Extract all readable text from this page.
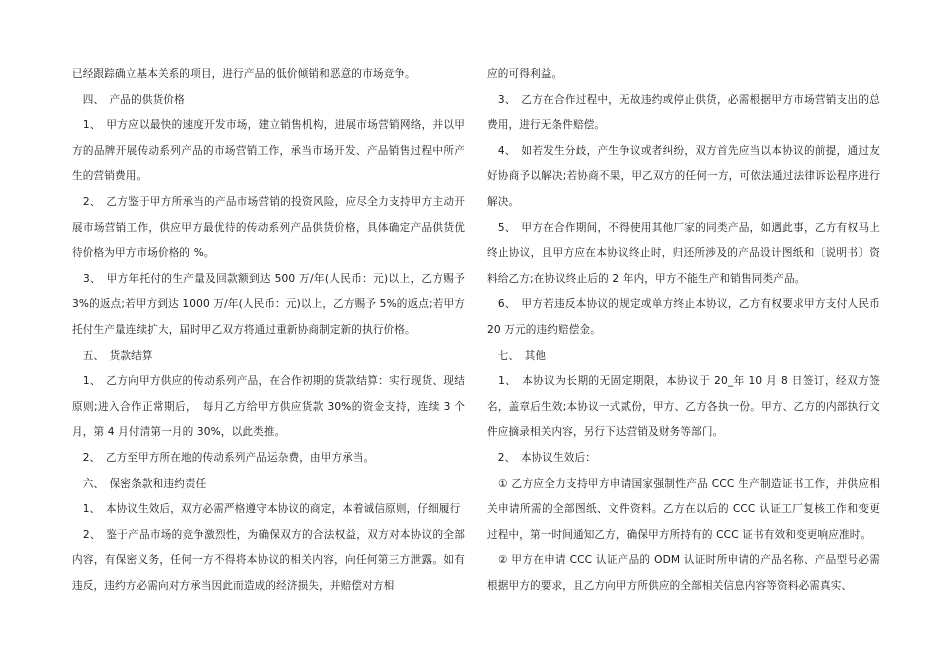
已经跟踪确立基本关系的项目，进行产品的低价倾销和恶意的市场竞争。

　四、　产品的供货价格

　1、　甲方应以最快的速度开发市场，建立销售机构，进展市场营销网络，并以甲方的品牌开展传动系列产品的市场营销工作，承当市场开发、产品销售过程中所产生的营销费用。

　2、　乙方鉴于甲方所承当的产品市场营销的投资风险，应尽全力支持甲方主动开展市场营销工作，供应甲方最优待的传动系列产品供货价格，具体确定产品供货优待价格为甲方市场价格的 %。

　3、　甲方年托付的生产量及回款额到达 500 万/年(人民币：元)以上，乙方赐予 3%的返点;若甲方到达 1000 万/年(人民币：元)以上，乙方赐予 5%的返点;若甲方托付生产量连续扩大，届时甲乙双方将通过重新协商制定新的执行价格。

　五、　货款结算

　1、　乙方向甲方供应的传动系列产品，在合作初期的货款结算：实行现货、现结原则;进入合作正常期后，　每月乙方给甲方供应货款 30%的资金支持，连续 3 个月，第 4 月付清第一月的 30%，以此类推。

　2、　乙方至甲方所在地的传动系列产品运杂费，由甲方承当。

　六、　保密条款和违约责任

　1、　本协议生效后，双方必需严格遵守本协议的商定，本着诚信原则，仔细履行

　2、　鉴于产品市场的竞争激烈性，为确保双方的合法权益，双方对本协议的全部内容，有保密义务，任何一方不得将本协议的相关内容，向任何第三方泄露。如有违反，违约方必需向对方承当因此而造成的经济损失，并赔偿对方相

应的可得利益。

　3、　乙方在合作过程中，无故违约或停止供货，必需根据甲方市场营销支出的总费用，进行无条件赔偿。

　4、　如若发生分歧，产生争议或者纠纷，双方首先应当以本协议的前提，通过友好协商予以解决;若协商不果，甲乙双方的任何一方，可依法通过法律诉讼程序进行解决。

　5、　甲方在合作期间，不得使用其他厂家的同类产品，如遇此事，乙方有权马上终止协议，且甲方应在本协议终止时，归还所涉及的产品设计图纸和〔说明书〕资料给乙方;在协议终止后的 2 年内，甲方不能生产和销售同类产品。

　6、　甲方若违反本协议的规定或单方终止本协议，乙方有权要求甲方支付人民币 20 万元的违约赔偿金。

　七、　其他

　1、　本协议为长期的无固定期限，本协议于 20_年 10 月 8 日签订，经双方签名，盖章后生效;本协议一式贰份，甲方、乙方各执一份。甲方、乙方的内部执行文件应摘录相关内容，另行下达营销及财务等部门。

　2、　本协议生效后：

　① 乙方应全力支持甲方申请国家强制性产品 CCC 生产制造证书工作，并供应相关申请所需的全部图纸、文件资料。乙方在以后的 CCC 认证工厂复核工作和变更过程中，第一时间通知乙方，确保甲方所持有的 CCC 证书有效和变更响应准时。

　② 甲方在申请 CCC 认证产品的 ODM 认证时所申请的产品名称、产品型号必需根据甲方的要求，且乙方向甲方所供应的全部相关信息内容等资料必需真实、
